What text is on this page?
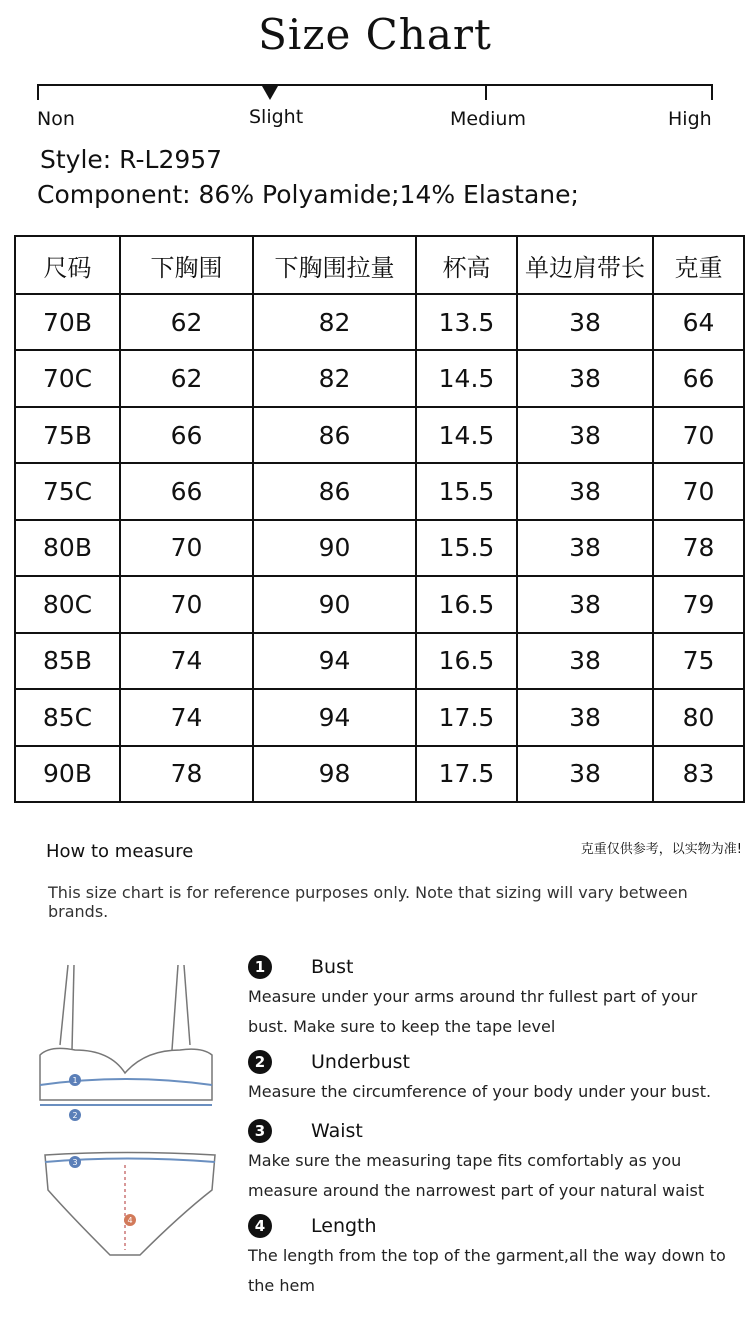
Size Chart
Non	Slight	Medium	High
Style: R-L2957
Component: 86% Polyamide;14% Elastane;
尺码	下胸围	下胸围拉量	杯高	单边肩带长	克重
70B	62	82	13.5	38	64
70C	62	82	14.5	38	66
75B	66	86	14.5	38	70
75C	66	86	15.5	38	70
80B	70	90	15.5	38	78
80C	70	90	16.5	38	79
85B	74	94	16.5	38	75
85C	74	94	17.5	38	80
90B	78	98	17.5	38	83
How to measure	克重仅供参考，以实物为准!
This size chart is for reference purposes only. Note that sizing will vary between brands.
1
2
3
4
1	Bust
Measure under your arms around thr fullest part of your bust. Make sure to keep the tape level
2	Underbust
Measure the circumference of your body under your bust.
3	Waist
Make sure the measuring tape fits comfortably as you measure around the narrowest part of your natural waist
4	Length
The length from the top of the garment,all the way down to the hem
